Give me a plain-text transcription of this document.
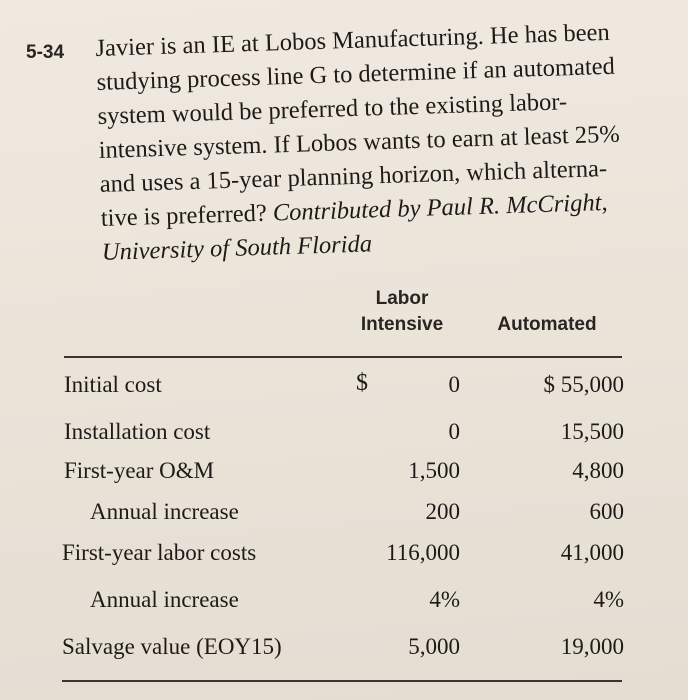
5-34 Javier is an IE at Lobos Manufacturing. He has been
studying process line G to determine if an automated
system would be preferred to the existing labor-
intensive system. If Lobos wants to earn at least 25%
and uses a 15-year planning horizon, which alterna-
tive is preferred? Contributed by Paul R. McCright,
University of South Florida
Labor
Intensive	Automated
Initial cost
Installation cost
First-year O&M
Annual increase
First-year labor costs
Annual increase
Salvage value (EOY15)
$	0
0
1,500
200
116,000
4%
5,000
$ 55,000
15,500
4,800
600
41,000
4%
19,000
